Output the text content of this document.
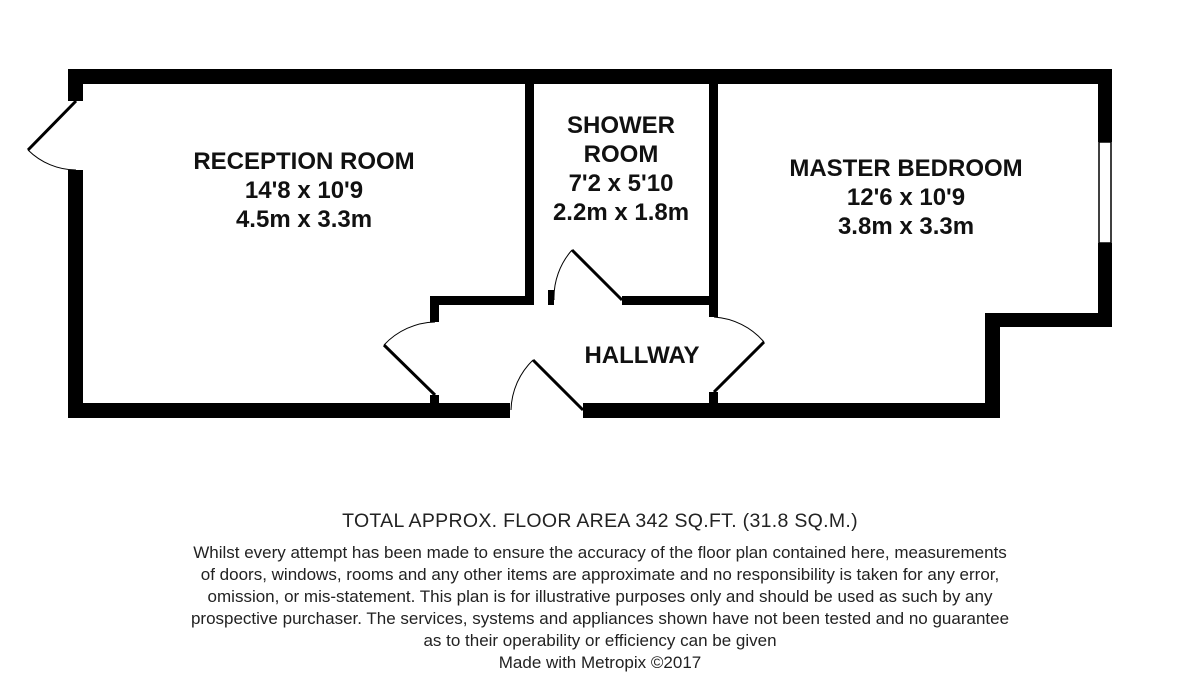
RECEPTION ROOM
14'8 x 10'9
4.5m x 3.3m
SHOWER
ROOM
7'2 x 5'10
2.2m x 1.8m
MASTER BEDROOM
12'6 x 10'9
3.8m x 3.3m
HALLWAY
TOTAL APPROX. FLOOR AREA 342 SQ.FT. (31.8 SQ.M.)
Whilst every attempt has been made to ensure the accuracy of the floor plan contained here, measurements
of doors, windows, rooms and any other items are approximate and no responsibility is taken for any error,
omission, or mis-statement. This plan is for illustrative purposes only and should be used as such by any
prospective purchaser. The services, systems and appliances shown have not been tested and no guarantee
as to their operability or efficiency can be given
Made with Metropix ©2017
